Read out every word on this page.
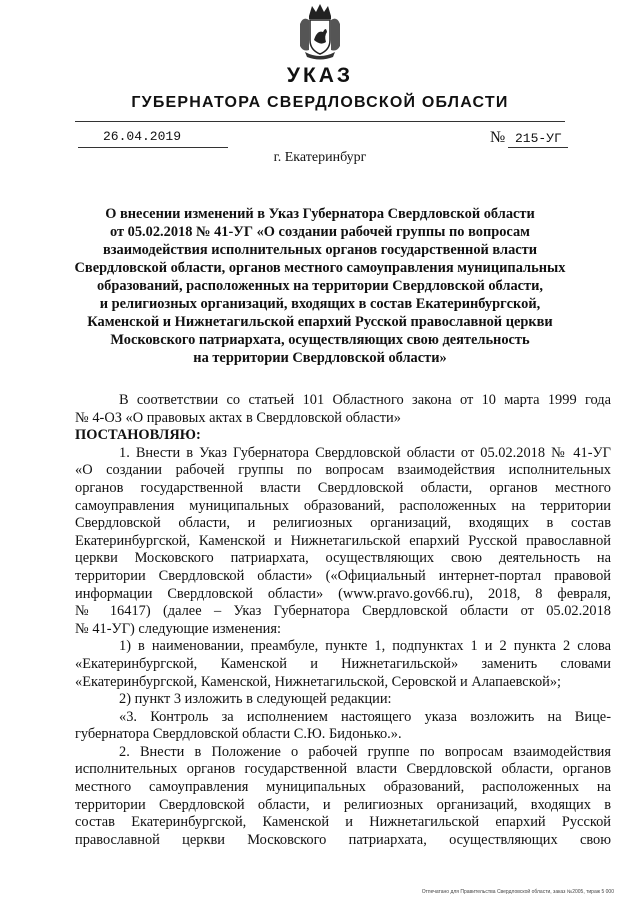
УКАЗ
ГУБЕРНАТОРА СВЕРДЛОВСКОЙ ОБЛАСТИ
26.04.2019	№ 215-УГ
г. Екатеринбург
О внесении изменений в Указ Губернатора Свердловской области
от 05.02.2018 № 41-УГ «О создании рабочей группы по вопросам
взаимодействия исполнительных органов государственной власти
Свердловской области, органов местного самоуправления муниципальных
образований, расположенных на территории Свердловской области,
и религиозных организаций, входящих в состав Екатеринбургской,
Каменской и Нижнетагильской епархий Русской православной церкви
Московского патриархата, осуществляющих свою деятельность
на территории Свердловской области»
В соответствии со статьей 101 Областного закона от 10 марта 1999 года
№ 4-ОЗ «О правовых актах в Свердловской области»
ПОСТАНОВЛЯЮ:
1. Внести в Указ Губернатора Свердловской области от 05.02.2018 № 41-УГ
«О создании рабочей группы по вопросам взаимодействия исполнительных
органов государственной власти Свердловской области, органов местного
самоуправления муниципальных образований, расположенных на территории
Свердловской области, и религиозных организаций, входящих в состав
Екатеринбургской, Каменской и Нижнетагильской епархий Русской православной
церкви Московского патриархата, осуществляющих свою деятельность на
территории Свердловской области» («Официальный интернет-портал правовой
информации Свердловской области» (www.pravo.gov66.ru), 2018, 8 февраля,
№ 16417) (далее – Указ Губернатора Свердловской области от 05.02.2018
№ 41-УГ) следующие изменения:
1) в наименовании, преамбуле, пункте 1, подпунктах 1 и 2 пункта 2 слова
«Екатеринбургской, Каменской и Нижнетагильской» заменить словами
«Екатеринбургской, Каменской, Нижнетагильской, Серовской и Алапаевской»;
2) пункт 3 изложить в следующей редакции:
«3. Контроль за исполнением настоящего указа возложить на Вице-
губернатора Свердловской области С.Ю. Бидонько.».
2. Внести в Положение о рабочей группе по вопросам взаимодействия
исполнительных органов государственной власти Свердловской области, органов
местного самоуправления муниципальных образований, расположенных на
территории Свердловской области, и религиозных организаций, входящих в
состав Екатеринбургской, Каменской и Нижнетагильской епархий Русской
православной церкви Московского патриархата, осуществляющих свою
Отпечатано для Правительства Свердловской области, заказ №2005, тираж 5 000
